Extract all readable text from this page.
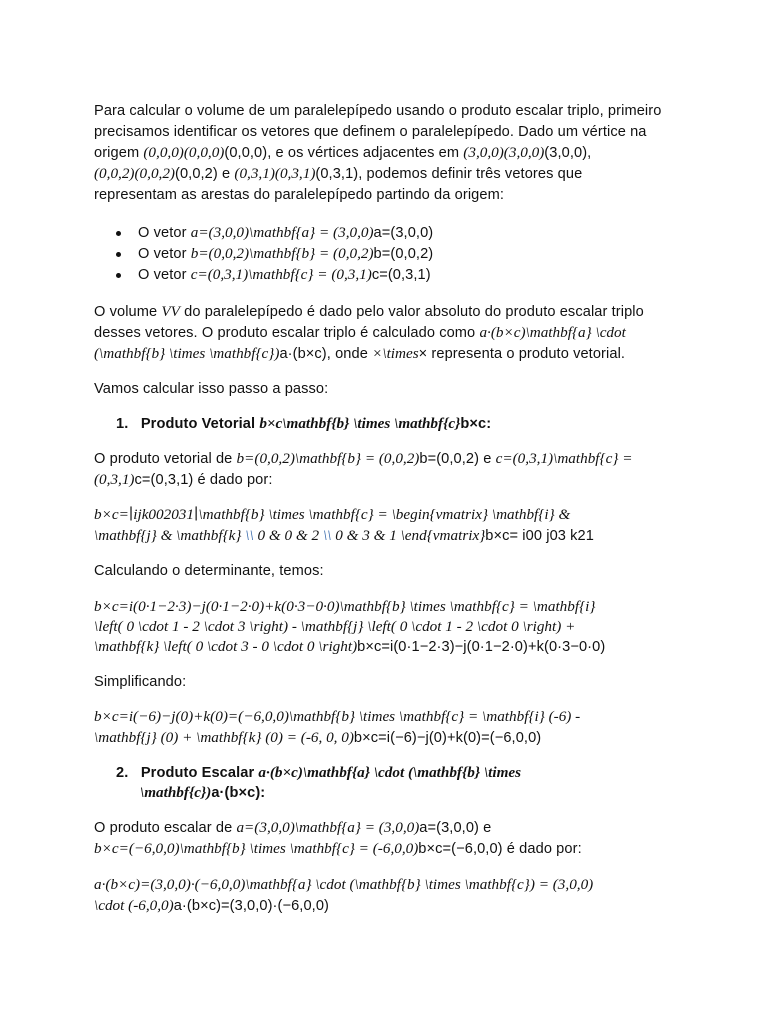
Para calcular o volume de um paralelepípedo usando o produto escalar triplo, primeiro
precisamos identificar os vetores que definem o paralelepípedo. Dado um vértice na
origem (0,0,0)(0,0,0)(0,0,0), e os vértices adjacentes em (3,0,0)(3,0,0)(3,0,0),
(0,0,2)(0,0,2)(0,0,2) e (0,3,1)(0,3,1)(0,3,1), podemos definir três vetores que
representam as arestas do paralelepípedo partindo da origem:
O vetor a=(3,0,0)\mathbf{a} = (3,0,0)a=(3,0,0)
O vetor b=(0,0,2)\mathbf{b} = (0,0,2)b=(0,0,2)
O vetor c=(0,3,1)\mathbf{c} = (0,3,1)c=(0,3,1)
O volume VV do paralelepípedo é dado pelo valor absoluto do produto escalar triplo
desses vetores. O produto escalar triplo é calculado como a·(b×c)\mathbf{a} \cdot
(\mathbf{b} \times \mathbf{c})a·(b×c), onde ×\times× representa o produto vetorial.
Vamos calcular isso passo a passo:
1. Produto Vetorial b×c\mathbf{b} \times \mathbf{c}b×c:
O produto vetorial de b=(0,0,2)\mathbf{b} = (0,0,2)b=(0,0,2) e c=(0,3,1)\mathbf{c} =
(0,3,1)c=(0,3,1) é dado por:
b×c=∣ijk002031∣\mathbf{b} \times \mathbf{c} = \begin{vmatrix} \mathbf{i} &
\mathbf{j} & \mathbf{k} \\ 0 & 0 & 2 \\ 0 & 3 & 1 \end{vmatrix}b×c= i00 j03 k21
Calculando o determinante, temos:
b×c=i(0·1−2·3)−j(0·1−2·0)+k(0·3−0·0)\mathbf{b} \times \mathbf{c} = \mathbf{i}
\left( 0 \cdot 1 - 2 \cdot 3 \right) - \mathbf{j} \left( 0 \cdot 1 - 2 \cdot 0 \right) +
\mathbf{k} \left( 0 \cdot 3 - 0 \cdot 0 \right)b×c=i(0·1−2·3)−j(0·1−2·0)+k(0·3−0·0)
Simplificando:
b×c=i(−6)−j(0)+k(0)=(−6,0,0)\mathbf{b} \times \mathbf{c} = \mathbf{i} (-6) -
\mathbf{j} (0) + \mathbf{k} (0) = (-6, 0, 0)b×c=i(−6)−j(0)+k(0)=(−6,0,0)
2. Produto Escalar a·(b×c)\mathbf{a} \cdot (\mathbf{b} \times
\mathbf{c})a·(b×c):
O produto escalar de a=(3,0,0)\mathbf{a} = (3,0,0)a=(3,0,0) e
b×c=(−6,0,0)\mathbf{b} \times \mathbf{c} = (-6,0,0)b×c=(−6,0,0) é dado por:
a·(b×c)=(3,0,0)·(−6,0,0)\mathbf{a} \cdot (\mathbf{b} \times \mathbf{c}) = (3,0,0)
\cdot (-6,0,0)a·(b×c)=(3,0,0)·(−6,0,0)
